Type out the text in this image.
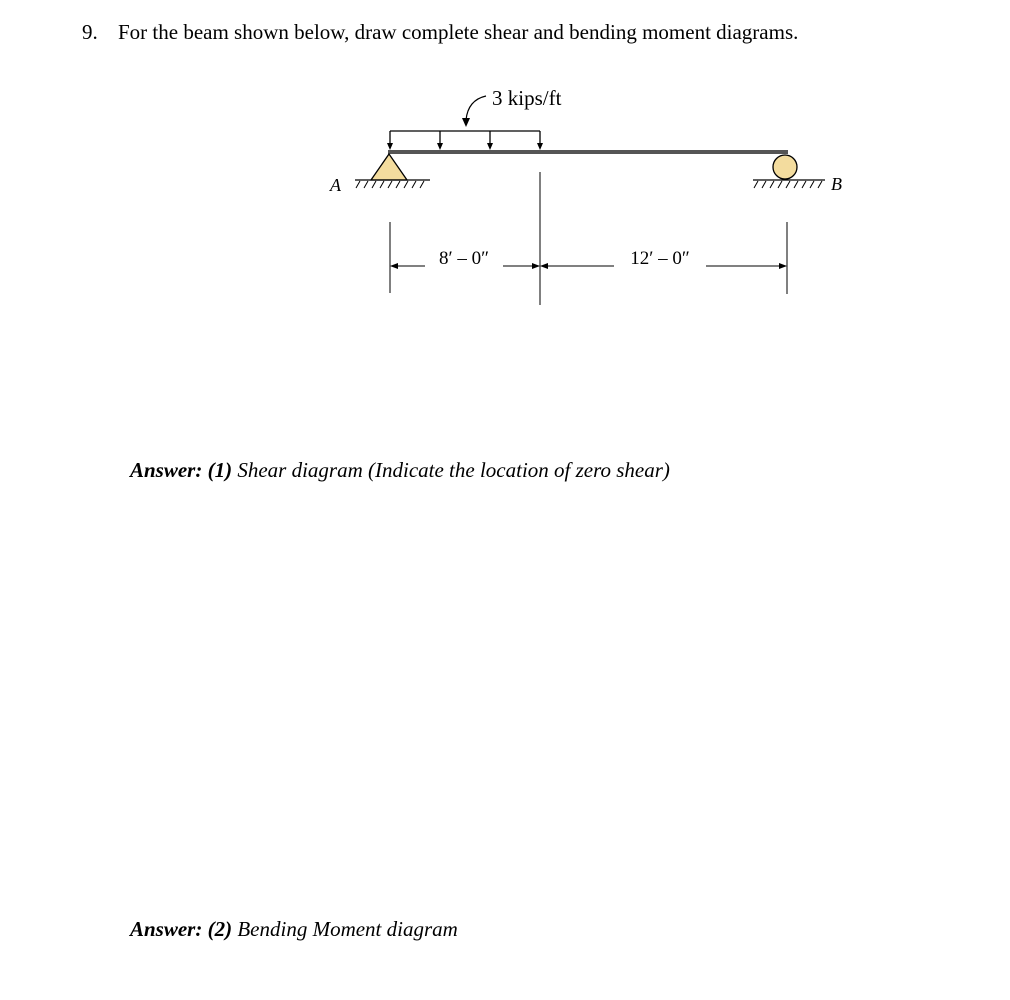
9. For the beam shown below, draw complete shear and bending moment diagrams.
3 kips/ft
A	B
8′ – 0″	12′ – 0″
Answer: (1) Shear diagram (Indicate the location of zero shear)
Answer: (2) Bending Moment diagram
